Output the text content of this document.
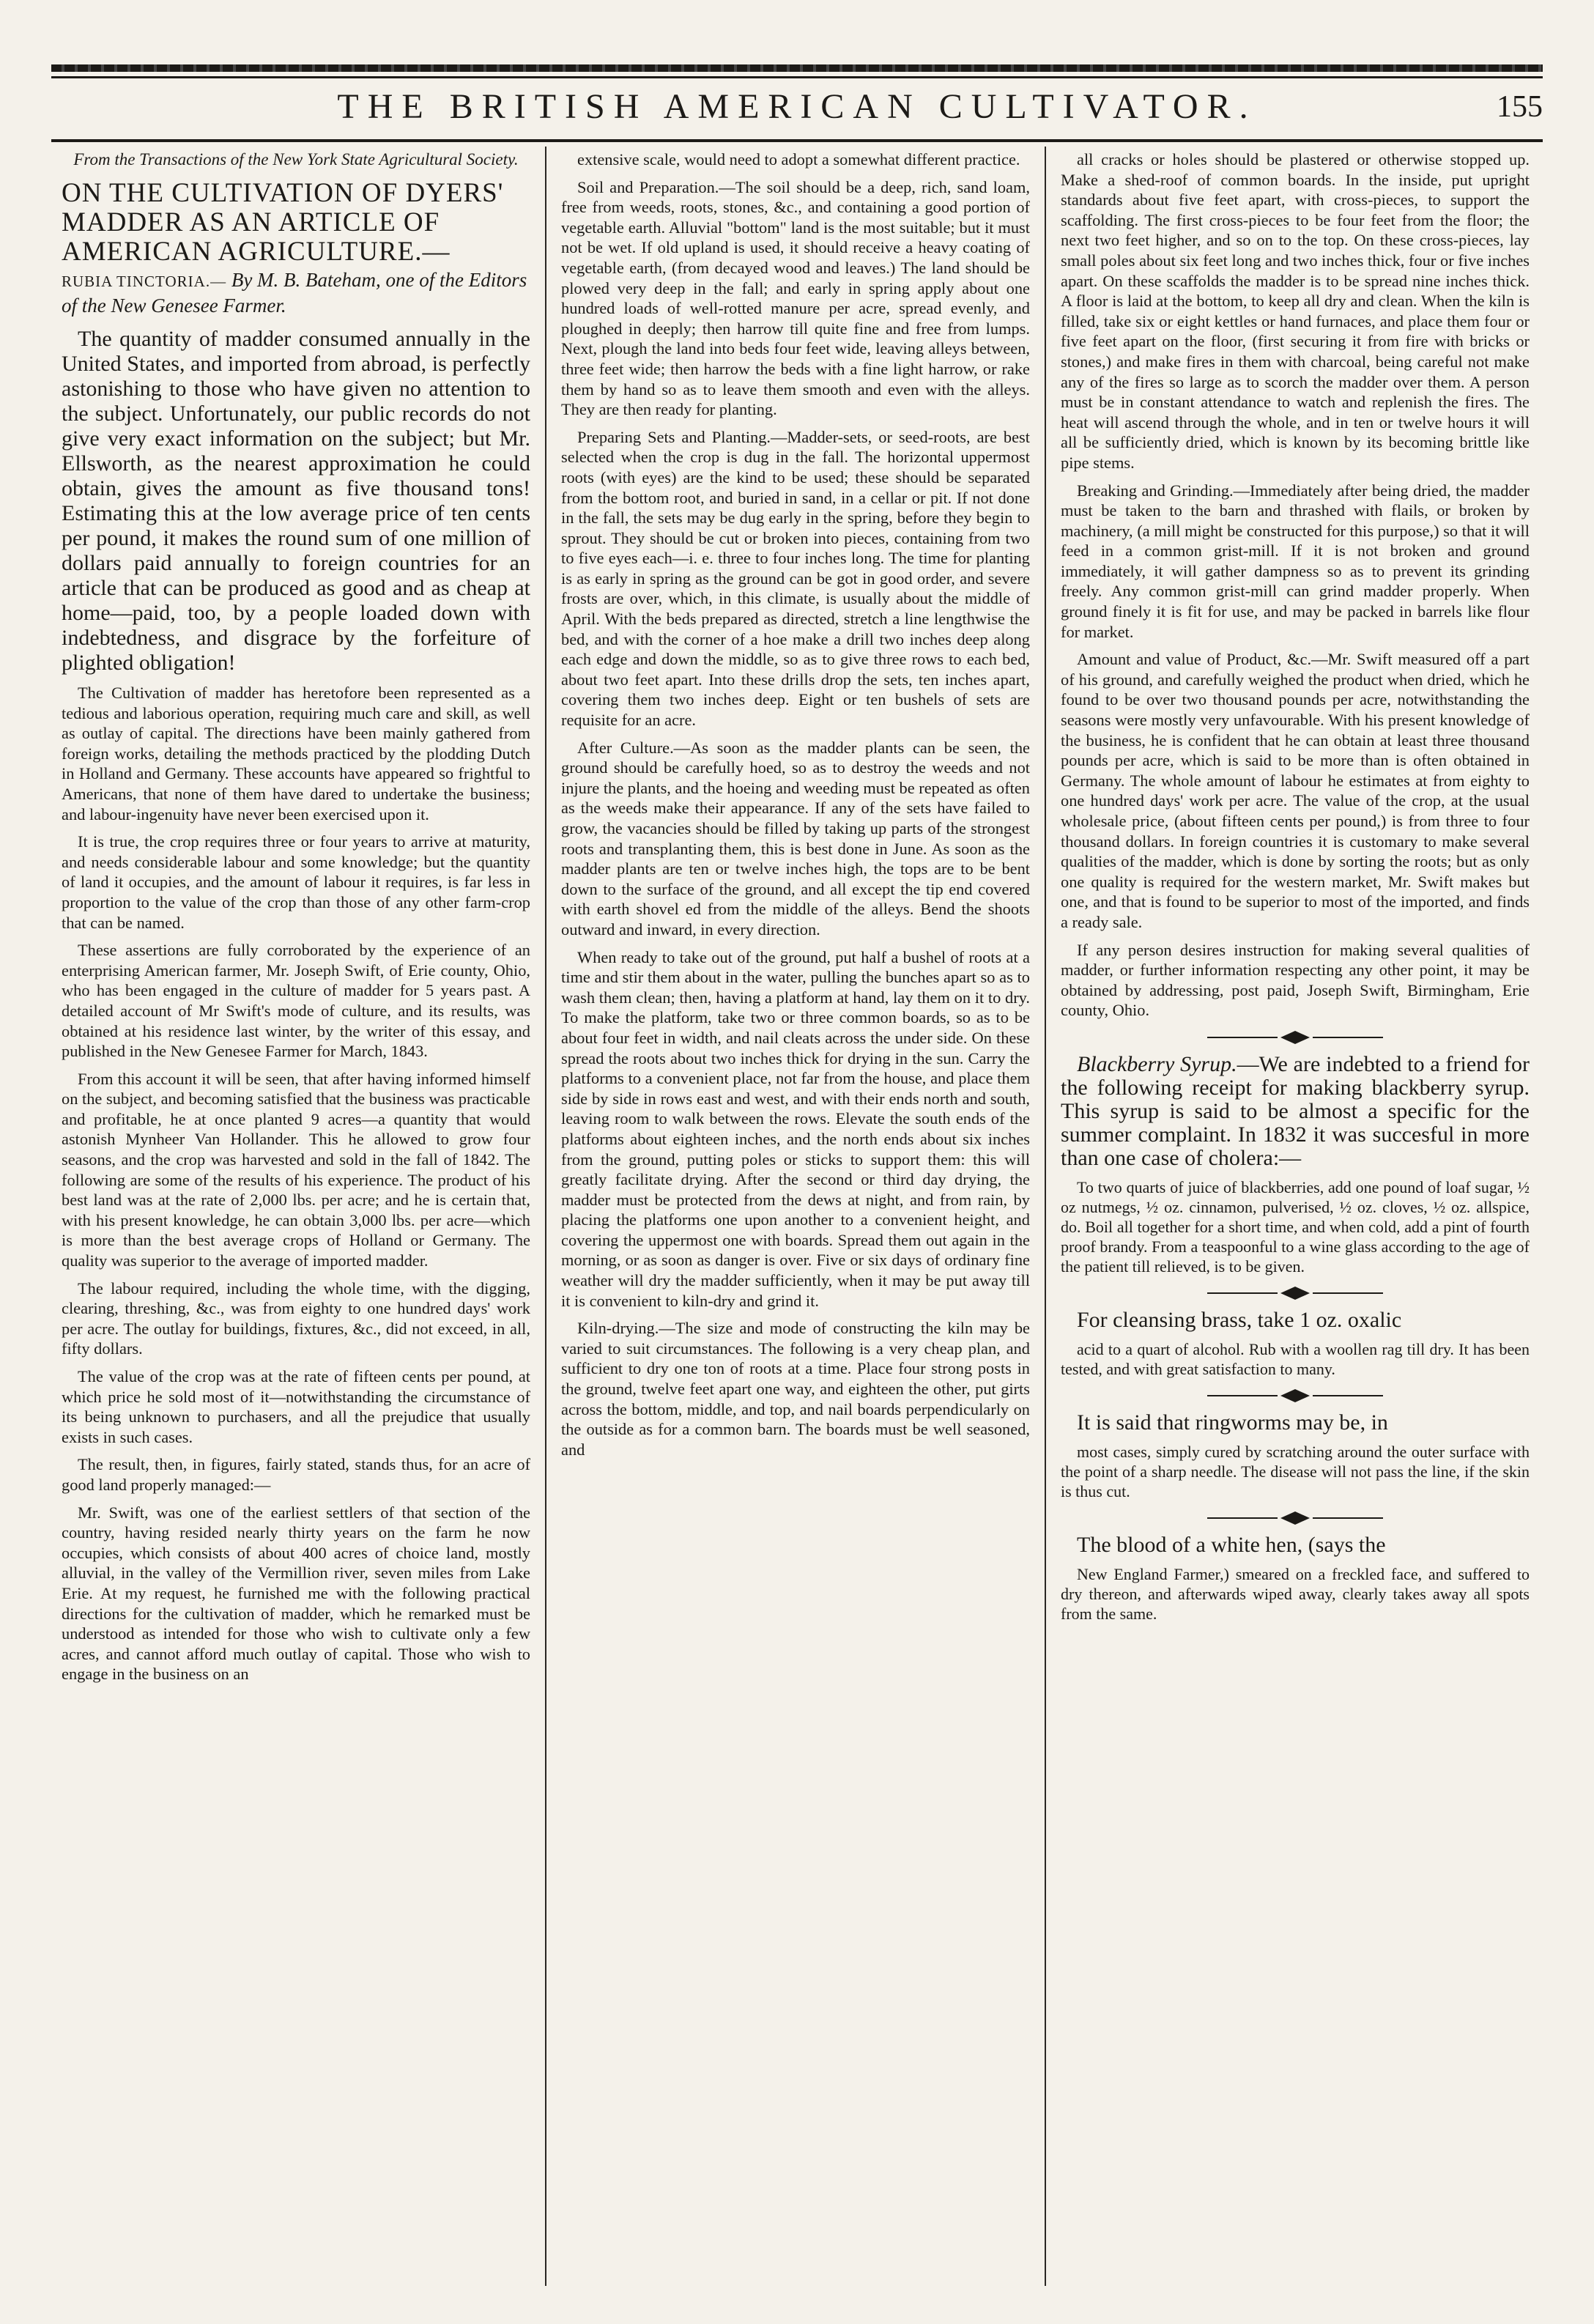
THE BRITISH AMERICAN CULTIVATOR.	155
From the Transactions of the New York State Agricultural Society.
ON THE CULTIVATION OF DYERS' MADDER AS AN ARTICLE OF AMERICAN AGRICULTURE.—
RUBIA TINCTORIA.— By M. B. Bateham, one of the Editors of the New Genesee Farmer.

The quantity of madder consumed annually in the United States, and imported from abroad, is perfectly astonishing to those who have given no attention to the subject. Unfortunately, our public records do not give very exact information on the subject; but Mr. Ellsworth, as the nearest approximation he could obtain, gives the amount as five thousand tons! Estimating this at the low average price of ten cents per pound, it makes the round sum of one million of dollars paid annually to foreign countries for an article that can be produced as good and as cheap at home—paid, too, by a people loaded down with indebtedness, and disgrace by the forfeiture of plighted obligation!

The Cultivation of madder has heretofore been represented as a tedious and laborious operation, requiring much care and skill, as well as outlay of capital. The directions have been mainly gathered from foreign works, detailing the methods practiced by the plodding Dutch in Holland and Germany. These accounts have appeared so frightful to Americans, that none of them have dared to undertake the business; and labour-ingenuity have never been exercised upon it.

It is true, the crop requires three or four years to arrive at maturity, and needs considerable labour and some knowledge; but the quantity of land it occupies, and the amount of labour it requires, is far less in proportion to the value of the crop than those of any other farm-crop that can be named.

These assertions are fully corroborated by the experience of an enterprising American farmer, Mr. Joseph Swift, of Erie county, Ohio, who has been engaged in the culture of madder for 5 years past. A detailed account of Mr Swift's mode of culture, and its results, was obtained at his residence last winter, by the writer of this essay, and published in the New Genesee Farmer for March, 1843.

From this account it will be seen, that after having informed himself on the subject, and becoming satisfied that the business was practicable and profitable, he at once planted 9 acres—a quantity that would astonish Mynheer Van Hollander. This he allowed to grow four seasons, and the crop was harvested and sold in the fall of 1842. The following are some of the results of his experience. The product of his best land was at the rate of 2,000 lbs. per acre; and he is certain that, with his present knowledge, he can obtain 3,000 lbs. per acre—which is more than the best average crops of Holland or Germany. The quality was superior to the average of imported madder.

The labour required, including the whole time, with the digging, clearing, threshing, &c., was from eighty to one hundred days' work per acre. The outlay for buildings, fixtures, &c., did not exceed, in all, fifty dollars.

The value of the crop was at the rate of fifteen cents per pound, at which price he sold most of it—notwithstanding the circumstance of its being unknown to purchasers, and all the prejudice that usually exists in such cases.

The result, then, in figures, fairly stated, stands thus, for an acre of good land properly managed:—

Mr. Swift, was one of the earliest settlers of that section of the country, having resided nearly thirty years on the farm he now occupies, which consists of about 400 acres of choice land, mostly alluvial, in the valley of the Vermillion river, seven miles from Lake Erie. At my request, he furnished me with the following practical directions for the cultivation of madder, which he remarked must be understood as intended for those who wish to cultivate only a few acres, and cannot afford much outlay of capital. Those who wish to engage in the business on an

extensive scale, would need to adopt a somewhat different practice.

Soil and Preparation.—The soil should be a deep, rich, sand loam, free from weeds, roots, stones, &c., and containing a good portion of vegetable earth. Alluvial "bottom" land is the most suitable; but it must not be wet. If old upland is used, it should receive a heavy coating of vegetable earth, (from decayed wood and leaves.) The land should be plowed very deep in the fall; and early in spring apply about one hundred loads of well-rotted manure per acre, spread evenly, and ploughed in deeply; then harrow till quite fine and free from lumps. Next, plough the land into beds four feet wide, leaving alleys between, three feet wide; then harrow the beds with a fine light harrow, or rake them by hand so as to leave them smooth and even with the alleys. They are then ready for planting.

Preparing Sets and Planting.—Madder-sets, or seed-roots, are best selected when the crop is dug in the fall. The horizontal uppermost roots (with eyes) are the kind to be used; these should be separated from the bottom root, and buried in sand, in a cellar or pit. If not done in the fall, the sets may be dug early in the spring, before they begin to sprout. They should be cut or broken into pieces, containing from two to five eyes each—i. e. three to four inches long. The time for planting is as early in spring as the ground can be got in good order, and severe frosts are over, which, in this climate, is usually about the middle of April. With the beds prepared as directed, stretch a line lengthwise the bed, and with the corner of a hoe make a drill two inches deep along each edge and down the middle, so as to give three rows to each bed, about two feet apart. Into these drills drop the sets, ten inches apart, covering them two inches deep. Eight or ten bushels of sets are requisite for an acre.

After Culture.—As soon as the madder plants can be seen, the ground should be carefully hoed, so as to destroy the weeds and not injure the plants, and the hoeing and weeding must be repeated as often as the weeds make their appearance. If any of the sets have failed to grow, the vacancies should be filled by taking up parts of the strongest roots and transplanting them, this is best done in June. As soon as the madder plants are ten or twelve inches high, the tops are to be bent down to the surface of the ground, and all except the tip end covered with earth shovel ed from the middle of the alleys. Bend the shoots outward and inward, in every direction.

When ready to take out of the ground, put half a bushel of roots at a time and stir them about in the water, pulling the bunches apart so as to wash them clean; then, having a platform at hand, lay them on it to dry. To make the platform, take two or three common boards, so as to be about four feet in width, and nail cleats across the under side. On these spread the roots about two inches thick for drying in the sun. Carry the platforms to a convenient place, not far from the house, and place them side by side in rows east and west, and with their ends north and south, leaving room to walk between the rows. Elevate the south ends of the platforms about eighteen inches, and the north ends about six inches from the ground, putting poles or sticks to support them: this will greatly facilitate drying. After the second or third day drying, the madder must be protected from the dews at night, and from rain, by placing the platforms one upon another to a convenient height, and covering the uppermost one with boards. Spread them out again in the morning, or as soon as danger is over. Five or six days of ordinary fine weather will dry the madder sufficiently, when it may be put away till it is convenient to kiln-dry and grind it.

Kiln-drying.—The size and mode of constructing the kiln may be varied to suit circumstances. The following is a very cheap plan, and sufficient to dry one ton of roots at a time. Place four strong posts in the ground, twelve feet apart one way, and eighteen the other, put girts across the bottom, middle, and top, and nail boards perpendicularly on the outside as for a common barn. The boards must be well seasoned, and

all cracks or holes should be plastered or otherwise stopped up. Make a shed-roof of common boards. In the inside, put upright standards about five feet apart, with cross-pieces, to support the scaffolding. The first cross-pieces to be four feet from the floor; the next two feet higher, and so on to the top. On these cross-pieces, lay small poles about six feet long and two inches thick, four or five inches apart. On these scaffolds the madder is to be spread nine inches thick. A floor is laid at the bottom, to keep all dry and clean. When the kiln is filled, take six or eight kettles or hand furnaces, and place them four or five feet apart on the floor, (first securing it from fire with bricks or stones,) and make fires in them with charcoal, being careful not make any of the fires so large as to scorch the madder over them. A person must be in constant attendance to watch and replenish the fires. The heat will ascend through the whole, and in ten or twelve hours it will all be sufficiently dried, which is known by its becoming brittle like pipe stems.

Breaking and Grinding.—Immediately after being dried, the madder must be taken to the barn and thrashed with flails, or broken by machinery, (a mill might be constructed for this purpose,) so that it will feed in a common grist-mill. If it is not broken and ground immediately, it will gather dampness so as to prevent its grinding freely. Any common grist-mill can grind madder properly. When ground finely it is fit for use, and may be packed in barrels like flour for market.

Amount and value of Product, &c.—Mr. Swift measured off a part of his ground, and carefully weighed the product when dried, which he found to be over two thousand pounds per acre, notwithstanding the seasons were mostly very unfavourable. With his present knowledge of the business, he is confident that he can obtain at least three thousand pounds per acre, which is said to be more than is often obtained in Germany. The whole amount of labour he estimates at from eighty to one hundred days' work per acre. The value of the crop, at the usual wholesale price, (about fifteen cents per pound,) is from three to four thousand dollars. In foreign countries it is customary to make several qualities of the madder, which is done by sorting the roots; but as only one quality is required for the western market, Mr. Swift makes but one, and that is found to be superior to most of the imported, and finds a ready sale.

If any person desires instruction for making several qualities of madder, or further information respecting any other point, it may be obtained by addressing, post paid, Joseph Swift, Birmingham, Erie county, Ohio.

Blackberry Syrup.—We are indebted to a friend for the following receipt for making blackberry syrup. This syrup is said to be almost a specific for the summer complaint. In 1832 it was succesful in more than one case of cholera:—

To two quarts of juice of blackberries, add one pound of loaf sugar, ½ oz nutmegs, ½ oz. cinnamon, pulverised, ½ oz. cloves, ½ oz. allspice, do. Boil all together for a short time, and when cold, add a pint of fourth proof brandy. From a teaspoonful to a wine glass according to the age of the patient till relieved, is to be given.

For cleansing brass, take 1 oz. oxalic

acid to a quart of alcohol. Rub with a woollen rag till dry. It has been tested, and with great satisfaction to many.

It is said that ringworms may be, in

most cases, simply cured by scratching around the outer surface with the point of a sharp needle. The disease will not pass the line, if the skin is thus cut.

The blood of a white hen, (says the

New England Farmer,) smeared on a freckled face, and suffered to dry thereon, and afterwards wiped away, clearly takes away all spots from the same.
